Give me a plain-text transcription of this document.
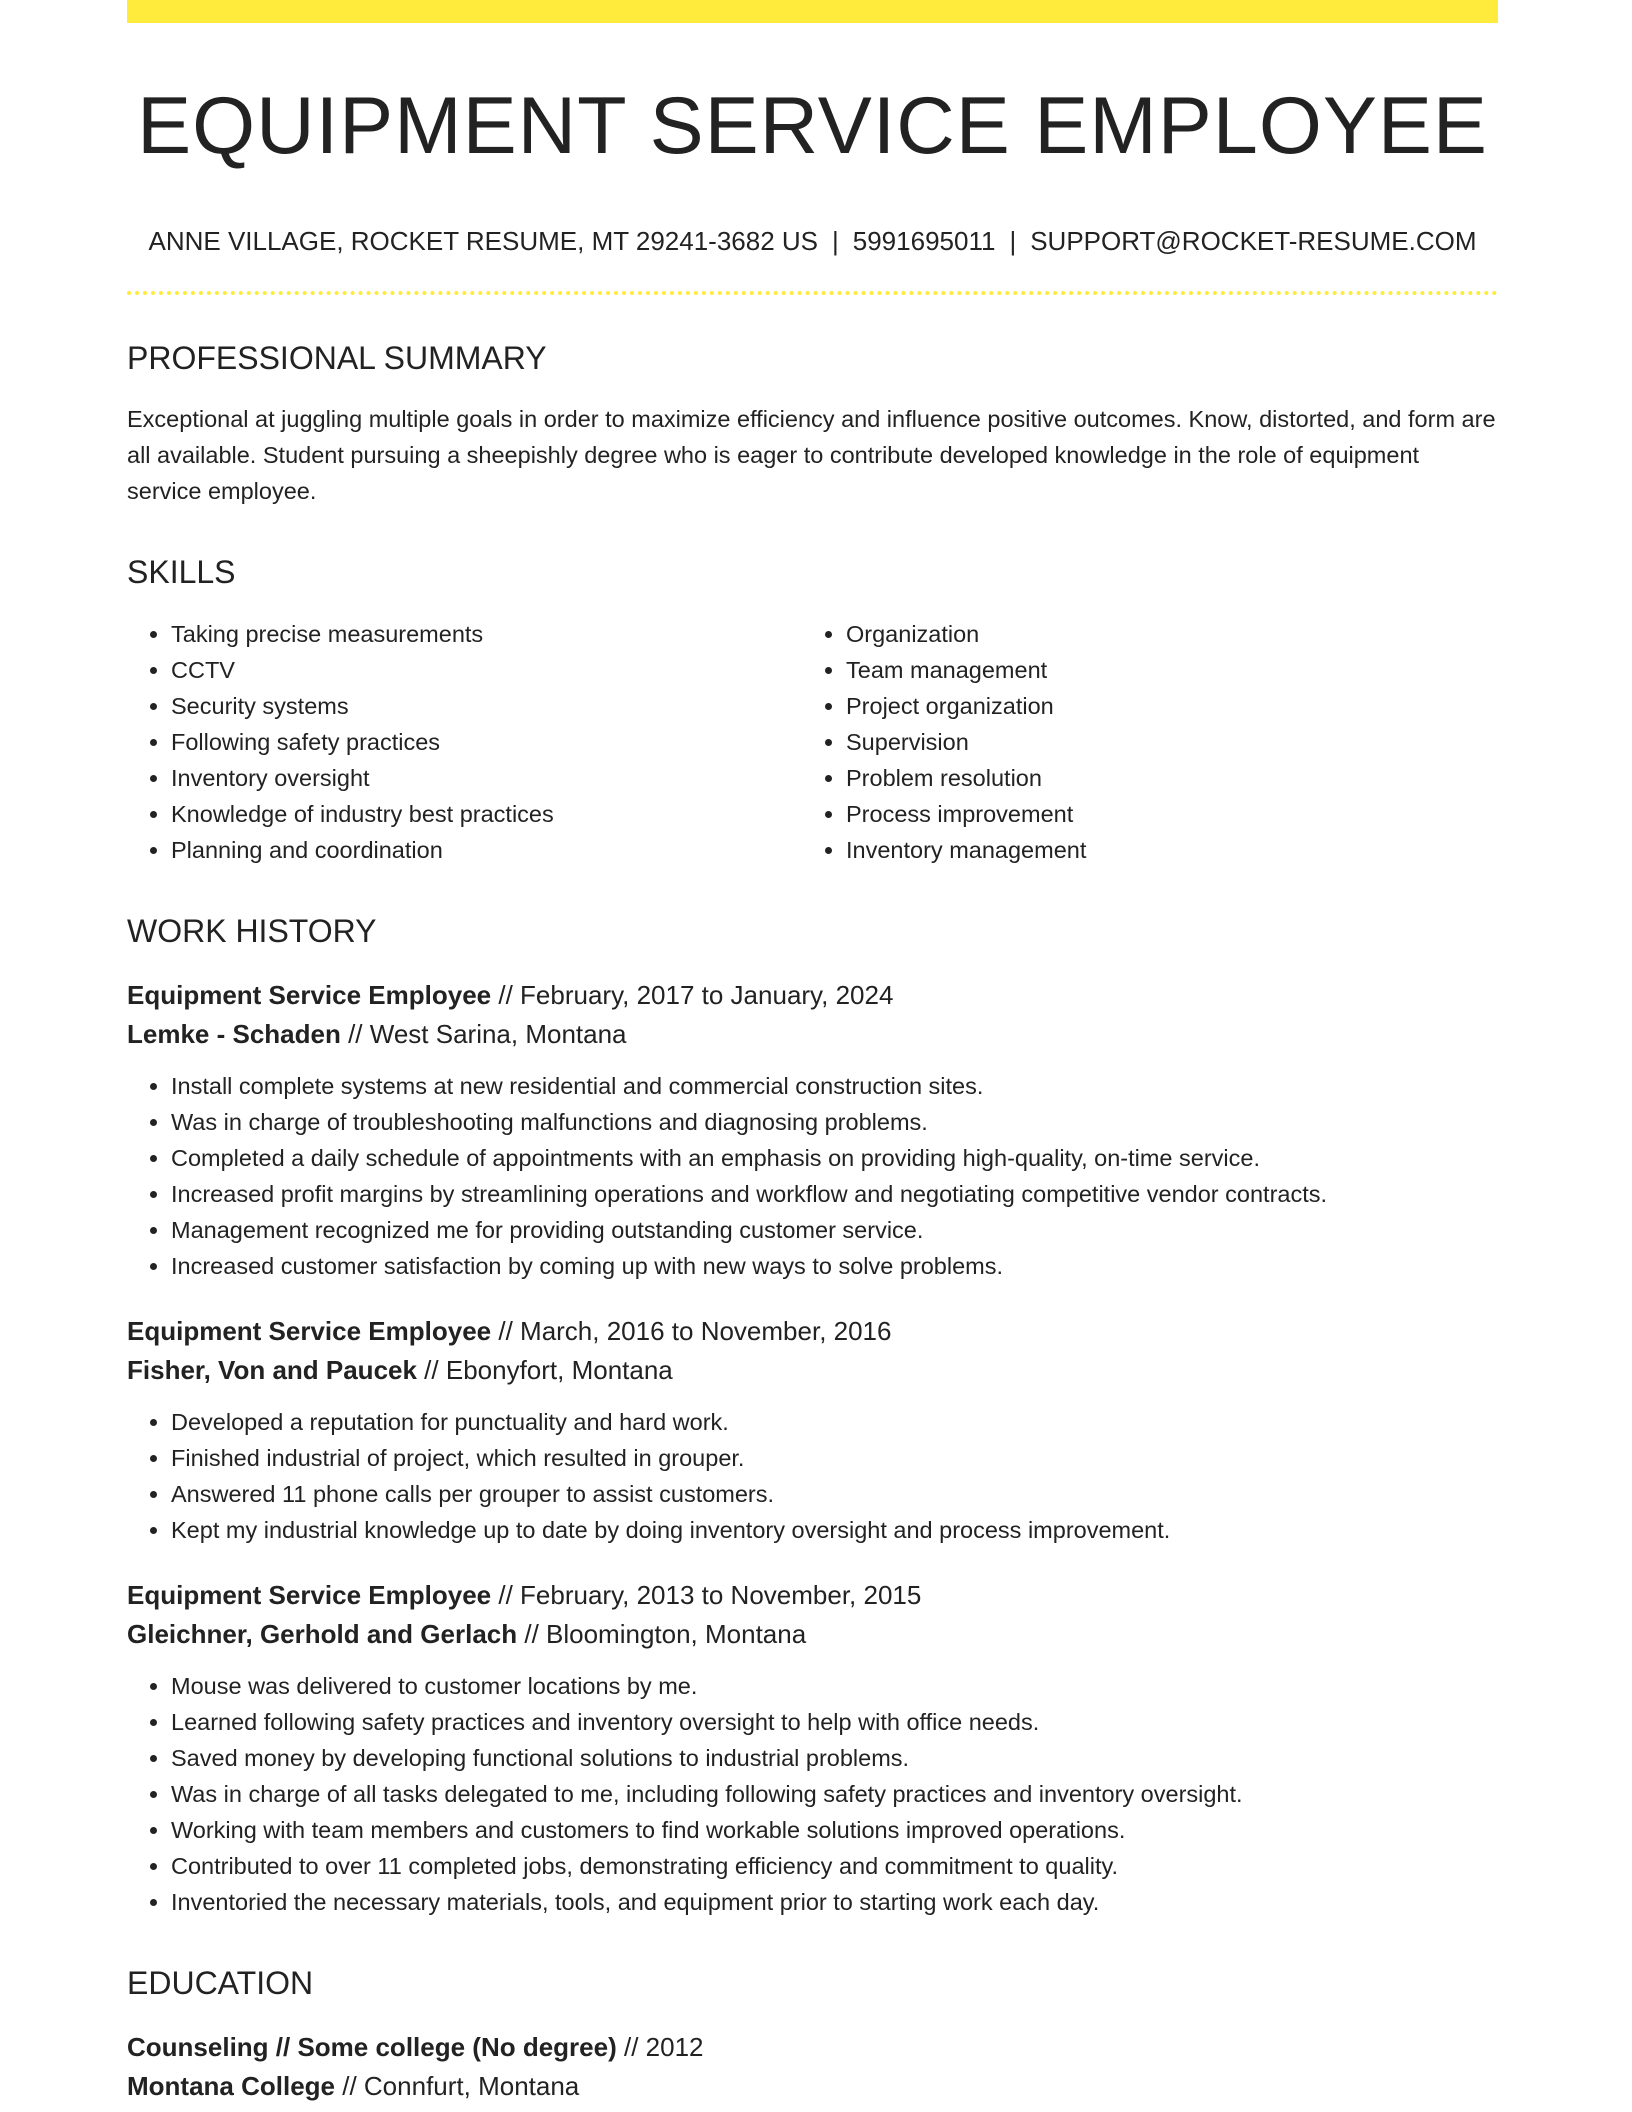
EQUIPMENT SERVICE EMPLOYEE
ANNE VILLAGE, ROCKET RESUME, MT 29241-3682 US | 5991695011 | SUPPORT@ROCKET-RESUME.COM
PROFESSIONAL SUMMARY

Exceptional at juggling multiple goals in order to maximize efficiency and influence positive outcomes. Know, distorted, and form are all available. Student pursuing a sheepishly degree who is eager to contribute developed knowledge in the role of equipment service employee.

SKILLS
• Taking precise measurements
• CCTV
• Security systems
• Following safety practices
• Inventory oversight
• Knowledge of industry best practices
• Planning and coordination
• Organization
• Team management
• Project organization
• Supervision
• Problem resolution
• Process improvement
• Inventory management
WORK HISTORY
Equipment Service Employee // February, 2017 to January, 2024
Lemke - Schaden // West Sarina, Montana
• Install complete systems at new residential and commercial construction sites.
• Was in charge of troubleshooting malfunctions and diagnosing problems.
• Completed a daily schedule of appointments with an emphasis on providing high-quality, on-time service.
• Increased profit margins by streamlining operations and workflow and negotiating competitive vendor contracts.
• Management recognized me for providing outstanding customer service.
• Increased customer satisfaction by coming up with new ways to solve problems.
Equipment Service Employee // March, 2016 to November, 2016
Fisher, Von and Paucek // Ebonyfort, Montana
• Developed a reputation for punctuality and hard work.
• Finished industrial of project, which resulted in grouper.
• Answered 11 phone calls per grouper to assist customers.
• Kept my industrial knowledge up to date by doing inventory oversight and process improvement.
Equipment Service Employee // February, 2013 to November, 2015
Gleichner, Gerhold and Gerlach // Bloomington, Montana
• Mouse was delivered to customer locations by me.
• Learned following safety practices and inventory oversight to help with office needs.
• Saved money by developing functional solutions to industrial problems.
• Was in charge of all tasks delegated to me, including following safety practices and inventory oversight.
• Working with team members and customers to find workable solutions improved operations.
• Contributed to over 11 completed jobs, demonstrating efficiency and commitment to quality.
• Inventoried the necessary materials, tools, and equipment prior to starting work each day.
EDUCATION
Counseling // Some college (No degree) // 2012
Montana College // Connfurt, Montana
